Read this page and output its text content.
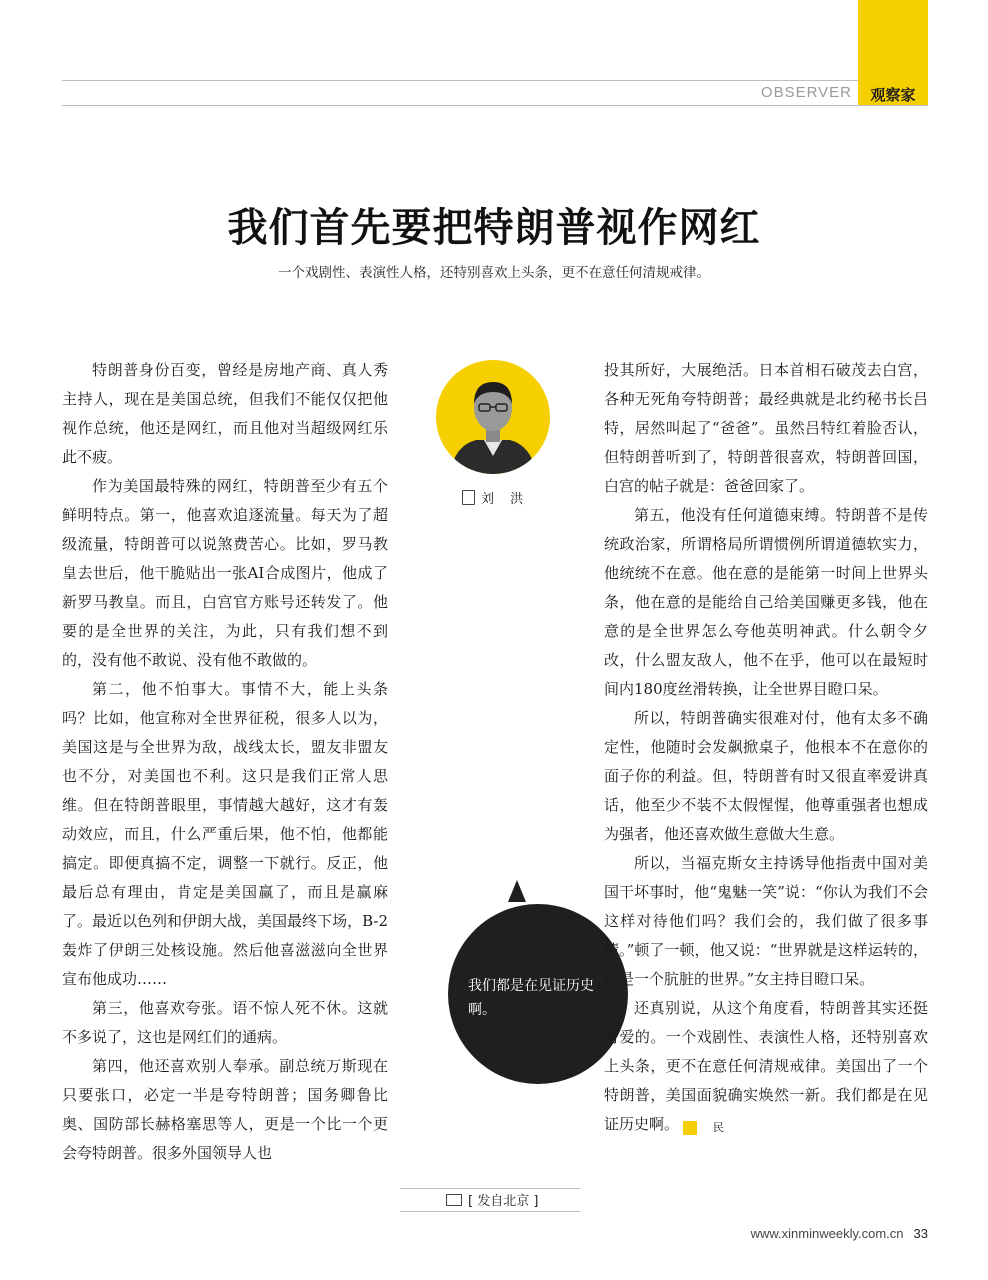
OBSERVER	观察家
我们首先要把特朗普视作网红
一个戏剧性、表演性人格，还特别喜欢上头条，更不在意任何清规戒律。

特朗普身份百变，曾经是房地产商、真人秀主持人，现在是美国总统，但我们不能仅仅把他视作总统，他还是网红，而且他对当超级网红乐此不疲。

作为美国最特殊的网红，特朗普至少有五个鲜明特点。第一，他喜欢追逐流量。每天为了超级流量，特朗普可以说煞费苦心。比如，罗马教皇去世后，他干脆贴出一张AI合成图片，他成了新罗马教皇。而且，白宫官方账号还转发了。他要的是全世界的关注，为此，只有我们想不到的，没有他不敢说、没有他不敢做的。

第二，他不怕事大。事情不大，能上头条吗？比如，他宣称对全世界征税，很多人以为，美国这是与全世界为敌，战线太长，盟友非盟友也不分，对美国也不利。这只是我们正常人思维。但在特朗普眼里，事情越大越好，这才有轰动效应，而且，什么严重后果，他不怕，他都能搞定。即便真搞不定，调整一下就行。反正，他最后总有理由，肯定是美国赢了，而且是赢麻了。最近以色列和伊朗大战，美国最终下场，B-2轰炸了伊朗三处核设施。然后他喜滋滋向全世界宣布他成功……

第三，他喜欢夸张。语不惊人死不休。这就不多说了，这也是网红们的通病。

第四，他还喜欢别人奉承。副总统万斯现在只要张口，必定一半是夸特朗普；国务卿鲁比奥、国防部长赫格塞思等人，更是一个比一个更会夸特朗普。很多外国领导人也

刘 洪
我们都是在见证历史啊。
[ 发自北京 ]

投其所好，大展绝活。日本首相石破茂去白宫，各种无死角夸特朗普；最经典就是北约秘书长吕特，居然叫起了“爸爸”。虽然吕特红着脸否认，但特朗普听到了，特朗普很喜欢，特朗普回国，白宫的帖子就是：爸爸回家了。

第五，他没有任何道德束缚。特朗普不是传统政治家，所谓格局所谓惯例所谓道德软实力，他统统不在意。他在意的是能第一时间上世界头条，他在意的是能给自己给美国赚更多钱，他在意的是全世界怎么夸他英明神武。什么朝令夕改，什么盟友敌人，他不在乎，他可以在最短时间内180度丝滑转换，让全世界目瞪口呆。

所以，特朗普确实很难对付，他有太多不确定性，他随时会发飙掀桌子，他根本不在意你的面子你的利益。但，特朗普有时又很直率爱讲真话，他至少不装不太假惺惺，他尊重强者也想成为强者，他还喜欢做生意做大生意。

所以，当福克斯女主持诱导他指责中国对美国干坏事时，他“鬼魅一笑”说：“你认为我们不会这样对待他们吗？我们会的，我们做了很多事情。”顿了一顿，他又说：“世界就是这样运转的，这是一个肮脏的世界。”女主持目瞪口呆。

还真别说，从这个角度看，特朗普其实还挺可爱的。一个戏剧性、表演性人格，还特别喜欢上头条，更不在意任何清规戒律。美国出了一个特朗普，美国面貌确实焕然一新。我们都是在见证历史啊。	民

www.xinminweekly.com.cn 33
